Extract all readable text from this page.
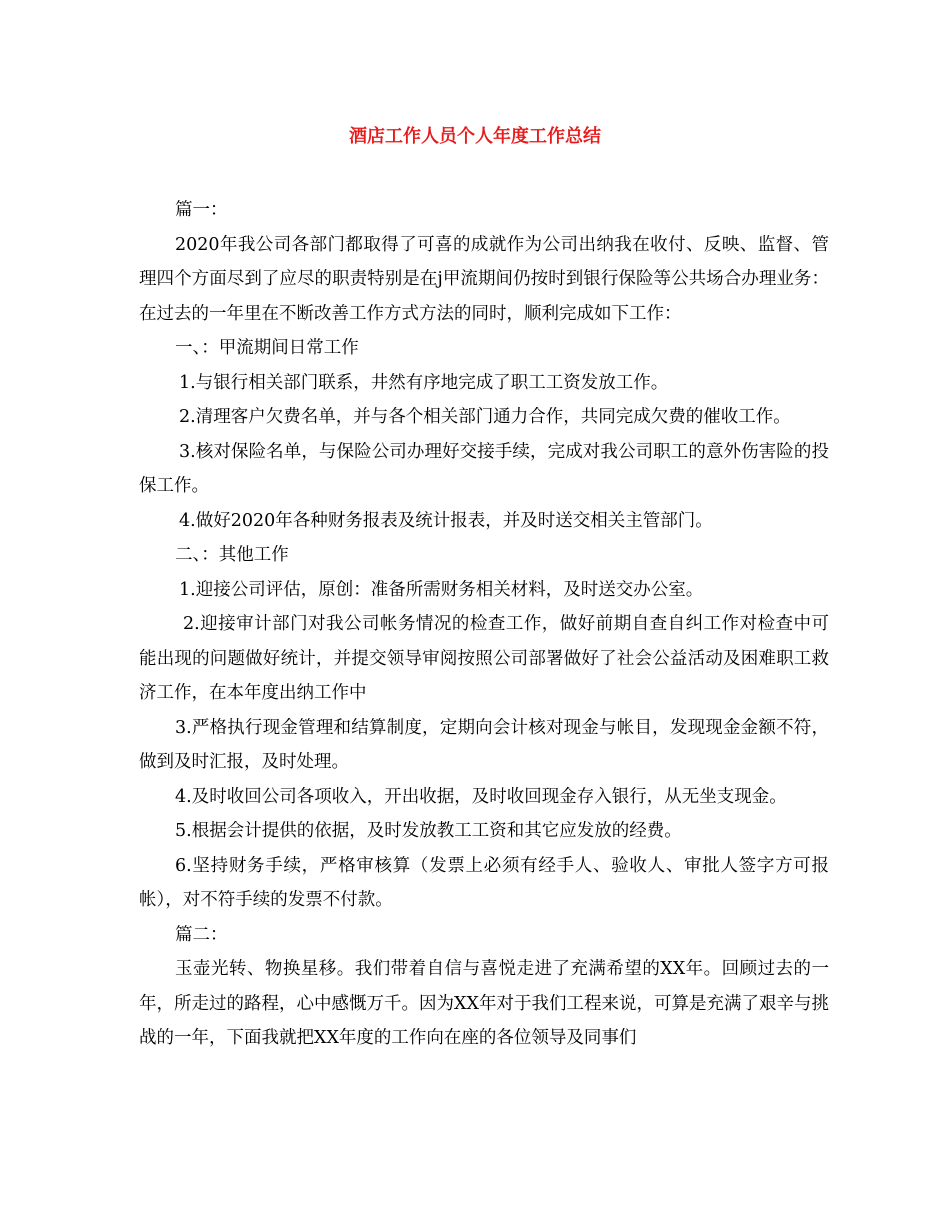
酒店工作人员个人年度工作总结

篇一：

2020年我公司各部门都取得了可喜的成就作为公司出纳我在收付、反映、监督、管理四个方面尽到了应尽的职责特别是在j甲流期间仍按时到银行保险等公共场合办理业务：在过去的一年里在不断改善工作方式方法的同时，顺利完成如下工作：

一、：甲流期间日常工作

1.与银行相关部门联系，井然有序地完成了职工工资发放工作。

2.清理客户欠费名单，并与各个相关部门通力合作，共同完成欠费的催收工作。

3.核对保险名单，与保险公司办理好交接手续，完成对我公司职工的意外伤害险的投保工作。

4.做好2020年各种财务报表及统计报表，并及时送交相关主管部门。

二、：其他工作

1.迎接公司评估，原创：准备所需财务相关材料，及时送交办公室。

2.迎接审计部门对我公司帐务情况的检查工作，做好前期自查自纠工作对检查中可能出现的问题做好统计，并提交领导审阅按照公司部署做好了社会公益活动及困难职工救济工作，在本年度出纳工作中

3.严格执行现金管理和结算制度，定期向会计核对现金与帐目，发现现金金额不符，做到及时汇报，及时处理。

4.及时收回公司各项收入，开出收据，及时收回现金存入银行，从无坐支现金。

5.根据会计提供的依据，及时发放教工工资和其它应发放的经费。

6.坚持财务手续，严格审核算（发票上必须有经手人、验收人、审批人签字方可报帐），对不符手续的发票不付款。

篇二：

玉壶光转、物换星移。我们带着自信与喜悦走进了充满希望的XX年。回顾过去的一年，所走过的路程，心中感慨万千。因为XX年对于我们工程来说，可算是充满了艰辛与挑战的一年，下面我就把XX年度的工作向在座的各位领导及同事们
